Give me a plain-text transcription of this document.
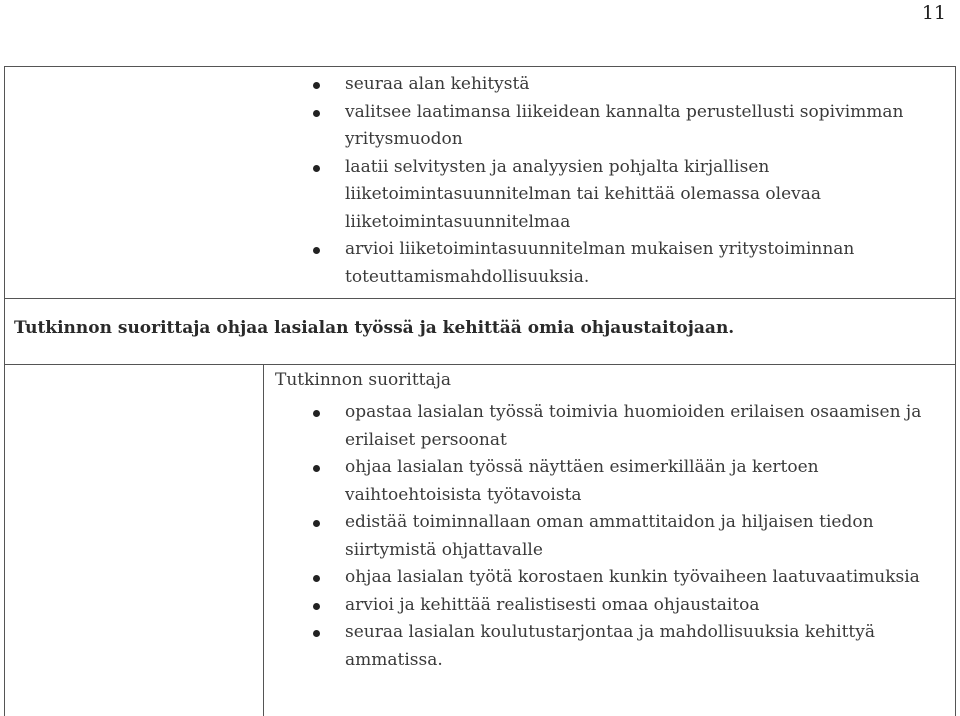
11
seuraa alan kehitystä
valitsee laatimansa liikeidean kannalta perustellusti sopivimman
yritysmuodon
laatii selvitysten ja analyysien pohjalta kirjallisen
liiketoimintasuunnitelman tai kehittää olemassa olevaa
liiketoimintasuunnitelmaa
arvioi liiketoimintasuunnitelman mukaisen yritystoiminnan
toteuttamismahdollisuuksia.
Tutkinnon suorittaja ohjaa lasialan työssä ja kehittää omia ohjaustaitojaan.
Tutkinnon suorittaja
opastaa lasialan työssä toimivia huomioiden erilaisen osaamisen ja
erilaiset persoonat
ohjaa lasialan työssä näyttäen esimerkillään ja kertoen
vaihtoehtoisista työtavoista
edistää toiminnallaan oman ammattitaidon ja hiljaisen tiedon
siirtymistä ohjattavalle
ohjaa lasialan työtä korostaen kunkin työvaiheen laatuvaatimuksia
arvioi ja kehittää realistisesti omaa ohjaustaitoa
seuraa lasialan koulutustarjontaa ja mahdollisuuksia kehittyä
ammatissa.
